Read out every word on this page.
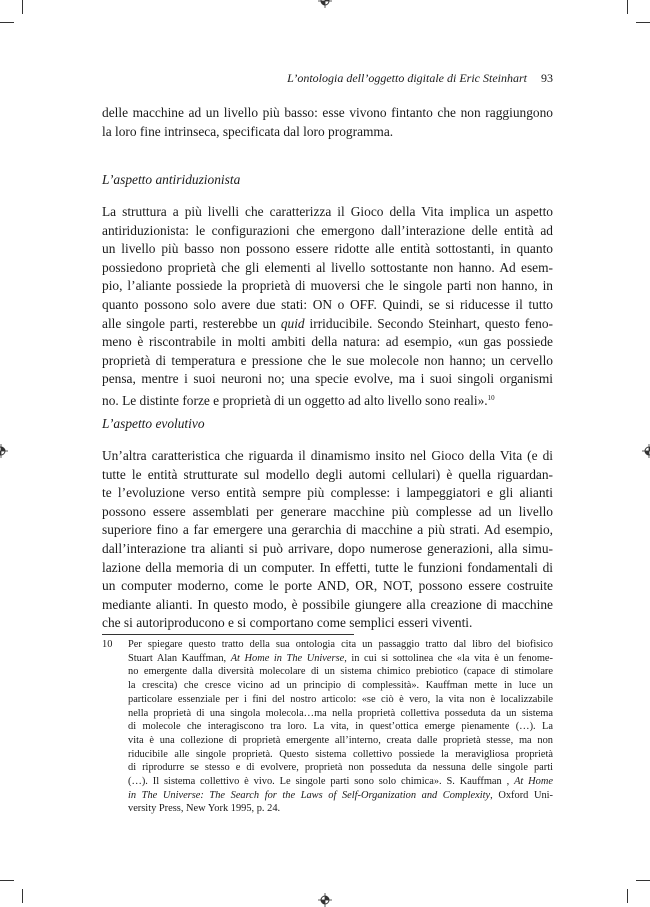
L’ontologia dell’oggetto digitale di Eric Steinhart 93

delle macchine ad un livello più basso: esse vivono fintanto che non raggiungono
la loro fine intrinseca, specificata dal loro programma.

L’aspetto antiriduzionista

La struttura a più livelli che caratterizza il Gioco della Vita implica un aspetto
antiriduzionista: le configurazioni che emergono dall’interazione delle entità ad
un livello più basso non possono essere ridotte alle entità sottostanti, in quanto
possiedono proprietà che gli elementi al livello sottostante non hanno. Ad esem-
pio, l’aliante possiede la proprietà di muoversi che le singole parti non hanno, in
quanto possono solo avere due stati: ON o OFF. Quindi, se si riducesse il tutto
alle singole parti, resterebbe un quid irriducibile. Secondo Steinhart, questo feno-
meno è riscontrabile in molti ambiti della natura: ad esempio, «un gas possiede
proprietà di temperatura e pressione che le sue molecole non hanno; un cervello
pensa, mentre i suoi neuroni no; una specie evolve, ma i suoi singoli organismi
no. Le distinte forze e proprietà di un oggetto ad alto livello sono reali».$^{10}$

L’aspetto evolutivo

Un’altra caratteristica che riguarda il dinamismo insito nel Gioco della Vita (e di
tutte le entità strutturate sul modello degli automi cellulari) è quella riguardan-
te l’evoluzione verso entità sempre più complesse: i lampeggiatori e gli alianti
possono essere assemblati per generare macchine più complesse ad un livello
superiore fino a far emergere una gerarchia di macchine a più strati. Ad esempio,
dall’interazione tra alianti si può arrivare, dopo numerose generazioni, alla simu-
lazione della memoria di un computer. In effetti, tutte le funzioni fondamentali di
un computer moderno, come le porte AND, OR, NOT, possono essere costruite
mediante alianti. In questo modo, è possibile giungere alla creazione di macchine
che si autoriproducono e si comportano come semplici esseri viventi.

10 Per spiegare questo tratto della sua ontologia cita un passaggio tratto dal libro del biofisico
Stuart Alan Kauffman, At Home in The Universe, in cui si sottolinea che «la vita è un fenome-
no emergente dalla diversità molecolare di un sistema chimico prebiotico (capace di stimolare
la crescita) che cresce vicino ad un principio di complessità». Kauffman mette in luce un
particolare essenziale per i fini del nostro articolo: «se ciò è vero, la vita non è localizzabile
nella proprietà di una singola molecola…ma nella proprietà collettiva posseduta da un sistema
di molecole che interagiscono tra loro. La vita, in quest’ottica emerge pienamente (…). La
vita è una collezione di proprietà emergente all’interno, creata dalle proprietà stesse, ma non
riducibile alle singole proprietà. Questo sistema collettivo possiede la meravigliosa proprietà
di riprodurre se stesso e di evolvere, proprietà non posseduta da nessuna delle singole parti
(…). Il sistema collettivo è vivo. Le singole parti sono solo chimica». S. Kauffman , At Home
in The Universe: The Search for the Laws of Self-Organization and Complexity, Oxford Uni-
versity Press, New York 1995, p. 24.
